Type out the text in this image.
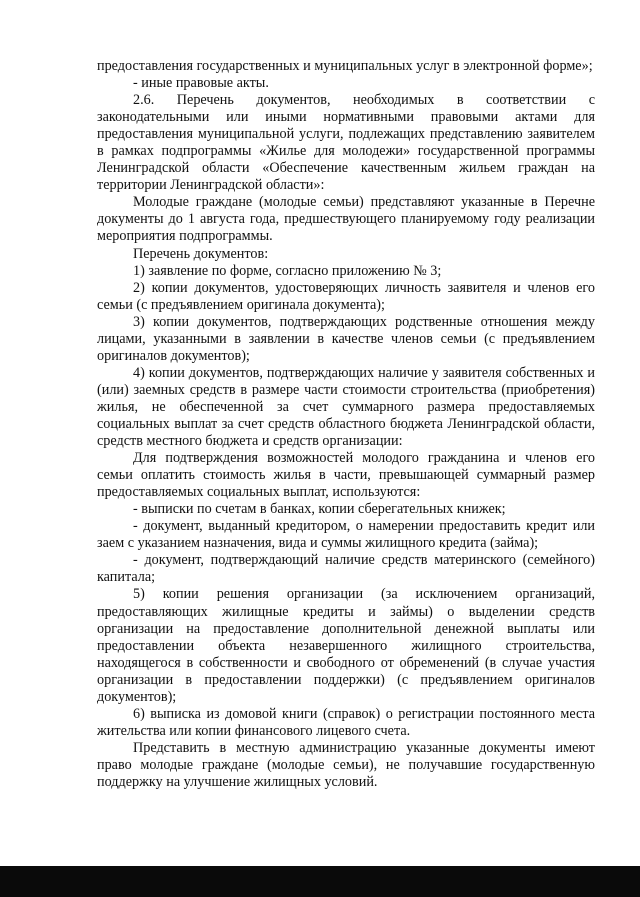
предоставления государственных и муниципальных услуг в электронной форме»;

- иные правовые акты.

2.6. Перечень документов, необходимых в соответствии с законодательными или иными нормативными правовыми актами для предоставления муниципальной услуги, подлежащих представлению заявителем в рамках подпрограммы «Жилье для молодежи» государственной программы Ленинградской области «Обеспечение качественным жильем граждан на территории Ленинградской области»:

Молодые граждане (молодые семьи) представляют указанные в Перечне документы до 1 августа года, предшествующего планируемому году реализации мероприятия подпрограммы.

Перечень документов:

1) заявление по форме, согласно приложению № 3;

2) копии документов, удостоверяющих личность заявителя и членов его семьи (с предъявлением оригинала документа);

3) копии документов, подтверждающих родственные отношения между лицами, указанными в заявлении в качестве членов семьи (с предъявлением оригиналов документов);

4) копии документов, подтверждающих наличие у заявителя собственных и (или) заемных средств в размере части стоимости строительства (приобретения) жилья, не обеспеченной за счет суммарного размера предоставляемых социальных выплат за счет средств областного бюджета Ленинградской области, средств местного бюджета и средств организации:

Для подтверждения возможностей молодого гражданина и членов его семьи оплатить стоимость жилья в части, превышающей суммарный размер предоставляемых социальных выплат, используются:

- выписки по счетам в банках, копии сберегательных книжек;

- документ, выданный кредитором, о намерении предоставить кредит или заем с указанием назначения, вида и суммы жилищного кредита (займа);

- документ, подтверждающий наличие средств материнского (семейного) капитала;

5) копии решения организации (за исключением организаций, предоставляющих жилищные кредиты и займы) о выделении средств организации на предоставление дополнительной денежной выплаты или предоставлении объекта незавершенного жилищного строительства, находящегося в собственности и свободного от обременений (в случае участия организации в предоставлении поддержки) (с предъявлением оригиналов документов);

6) выписка из домовой книги (справок) о регистрации постоянного места жительства или копии финансового лицевого счета.

Представить в местную администрацию указанные документы имеют право молодые граждане (молодые семьи), не получавшие государственную поддержку на улучшение жилищных условий.
